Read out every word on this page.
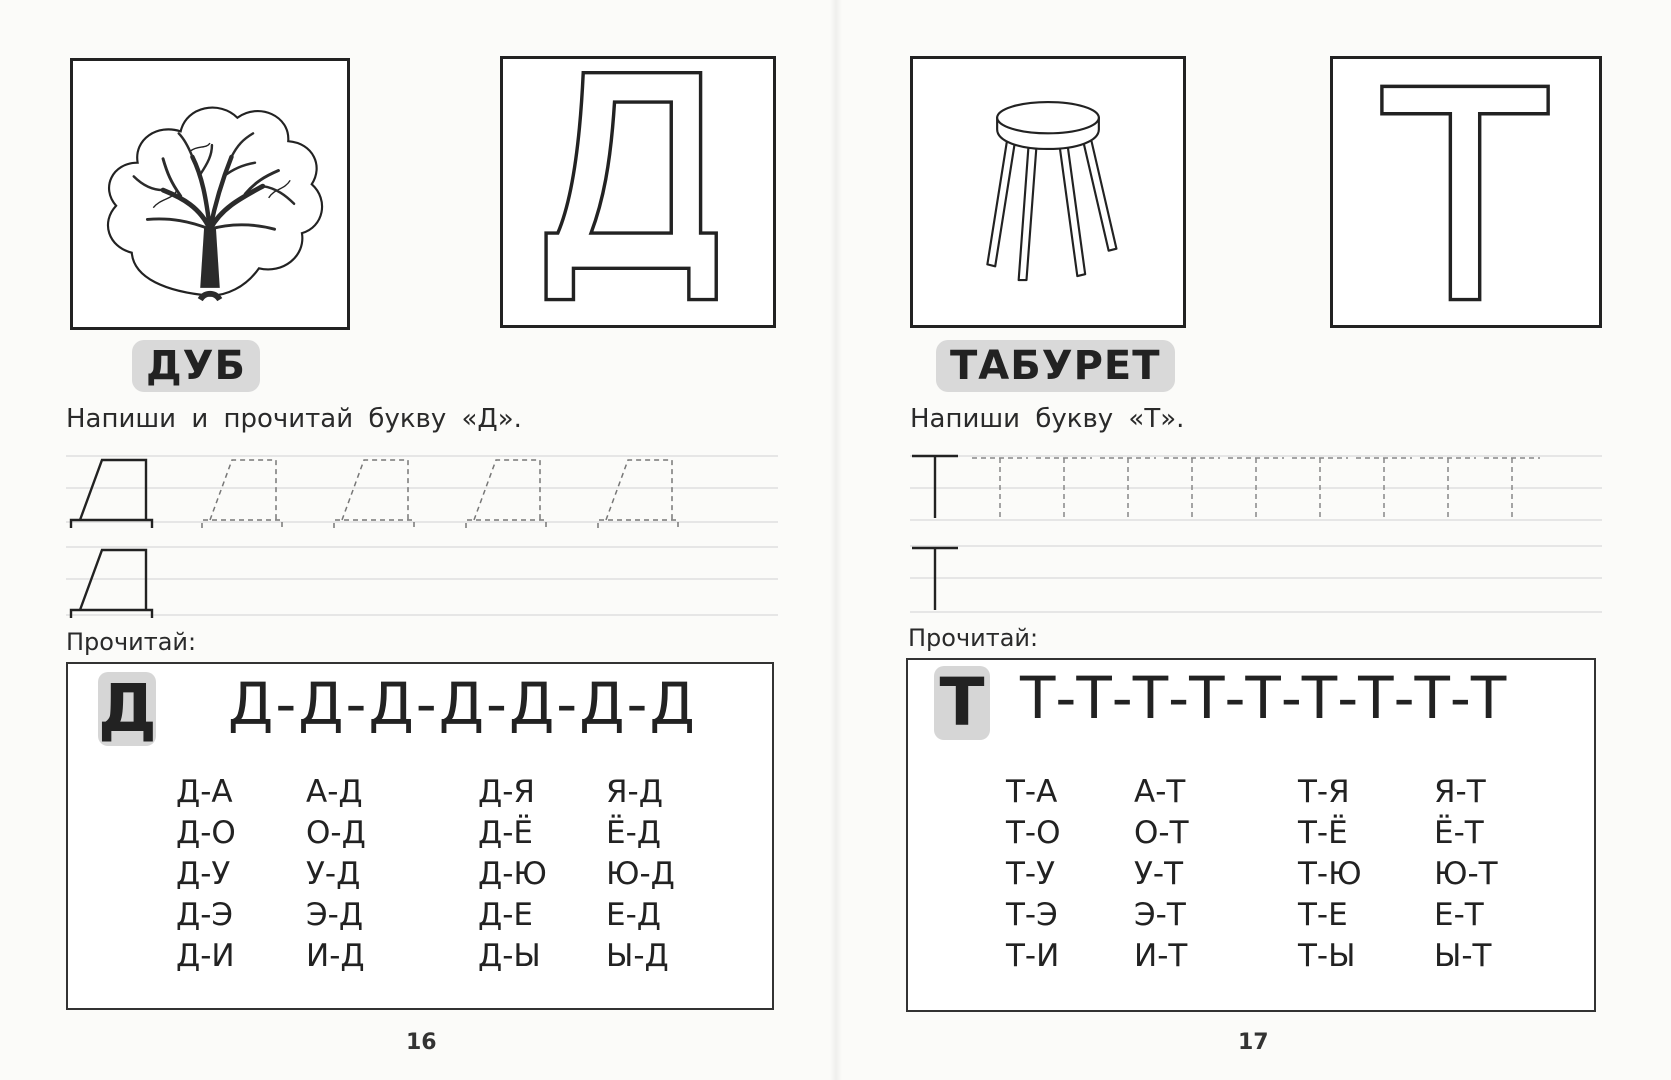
ДУБ
Напиши и прочитай букву «Д».
Прочитай:
Д Д-Д-Д-Д-Д-Д-Д
Д-А
Д-О
Д-У
Д-Э
Д-И
А-Д
О-Д
У-Д
Э-Д
И-Д
Д-Я
Д-Ё
Д-Ю
Д-Е
Д-Ы
Я-Д
Ё-Д
Ю-Д
Е-Д
Ы-Д
16
ТАБУРЕТ
Напиши букву «Т».
Прочитай:
Т Т-Т-Т-Т-Т-Т-Т-Т-Т
Т-А
Т-О
Т-У
Т-Э
Т-И
А-Т
О-Т
У-Т
Э-Т
И-Т
Т-Я
Т-Ё
Т-Ю
Т-Е
Т-Ы
Я-Т
Ё-Т
Ю-Т
Е-Т
Ы-Т
17
